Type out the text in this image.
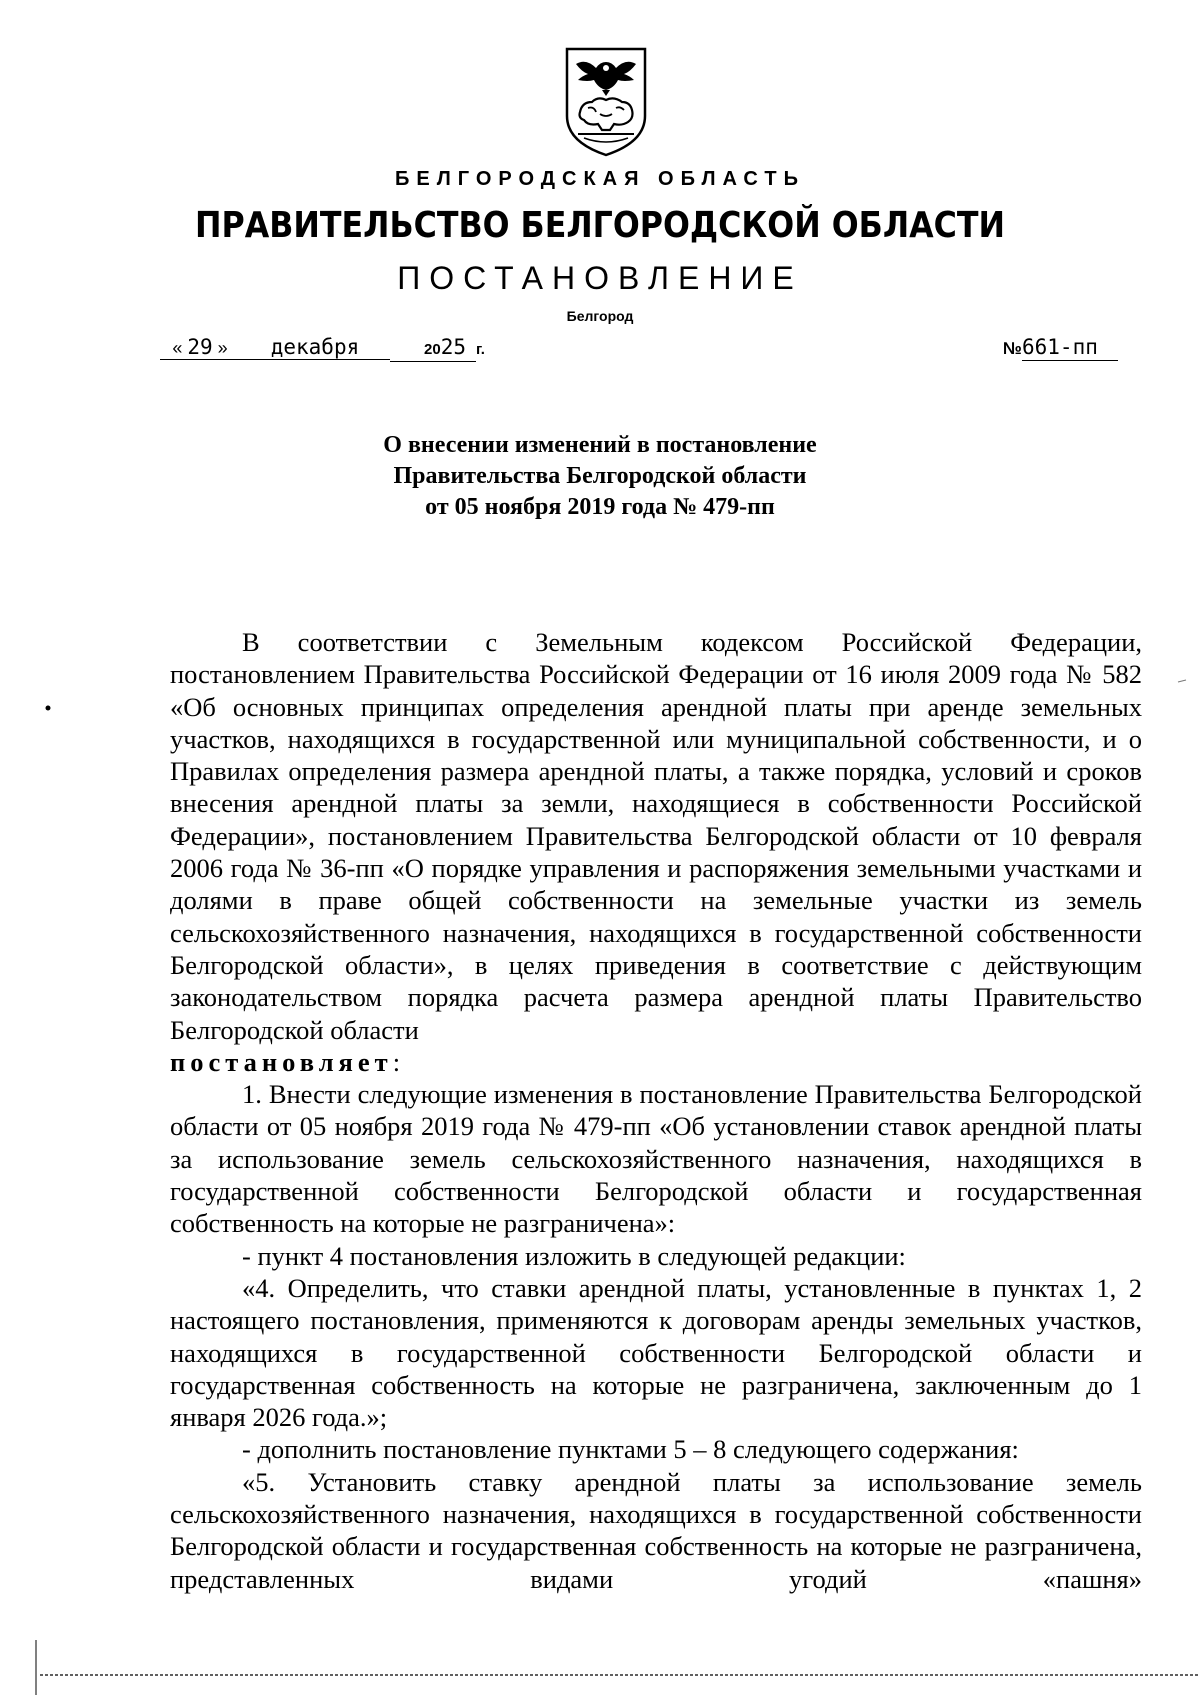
БЕЛГОРОДСКАЯ ОБЛАСТЬ
ПРАВИТЕЛЬСТВО БЕЛГОРОДСКОЙ ОБЛАСТИ
ПОСТАНОВЛЕНИЕ
Белгород
« 29 » декабря	2025 г.	№661-пп
О внесении изменений в постановление
Правительства Белгородской области
от 05 ноября 2019 года № 479-пп

В соответствии с Земельным кодексом Российской Федерации, постановлением Правительства Российской Федерации от 16 июля 2009 года № 582 «Об основных принципах определения арендной платы при аренде земельных участков, находящихся в государственной или муниципальной собственности, и о Правилах определения размера арендной платы, а также порядка, условий и сроков внесения арендной платы за земли, находящиеся в собственности Российской Федерации», постановлением Правительства Белгородской области от 10 февраля 2006 года № 36-пп «О порядке управления и распоряжения земельными участками и долями в праве общей собственности на земельные участки из земель сельскохозяйственного назначения, находящихся в государственной собственности Белгородской области», в целях приведения в соответствие с действующим законодательством порядка расчета размера арендной платы Правительство Белгородской области
постановляет:

1. Внести следующие изменения в постановление Правительства Белгородской области от 05 ноября 2019 года № 479-пп «Об установлении ставок арендной платы за использование земель сельскохозяйственного назначения, находящихся в государственной собственности Белгородской области и государственная собственность на которые не разграничена»:

- пункт 4 постановления изложить в следующей редакции:

«4. Определить, что ставки арендной платы, установленные в пунктах 1, 2 настоящего постановления, применяются к договорам аренды земельных участков, находящихся в государственной собственности Белгородской области и государственная собственность на которые не разграничена, заключенным до 1 января 2026 года.»;

- дополнить постановление пунктами 5 – 8 следующего содержания:

«5. Установить ставку арендной платы за использование земель сельскохозяйственного назначения, находящихся в государственной собственности Белгородской области и государственная собственность на которые не разграничена, представленных видами угодий «пашня»
